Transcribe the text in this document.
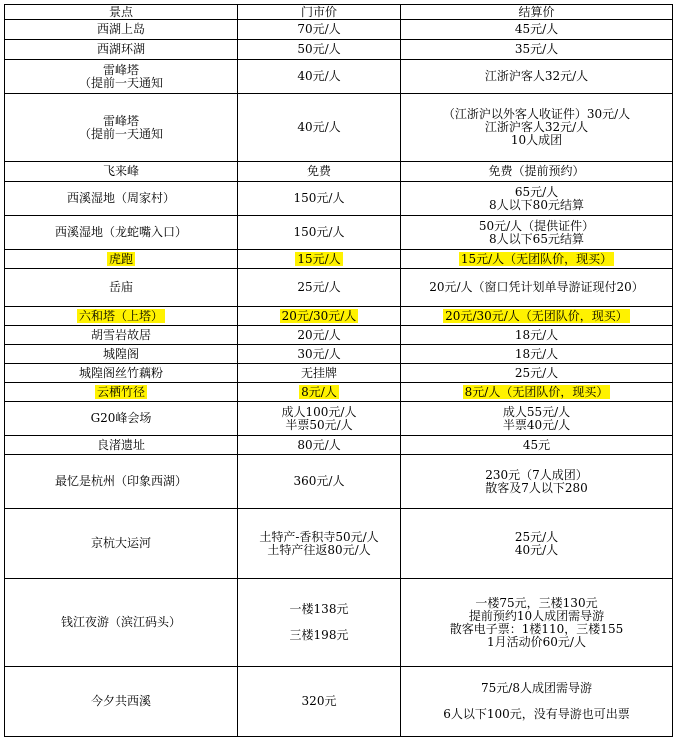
景点	门市价	结算价

西湖上岛	70元/人	45元/人

西湖环湖	50元/人	35元/人

雷峰塔
（提前一天通知	40元/人	江浙沪客人32元/人

雷峰塔
（提前一天通知	40元/人	（江浙沪以外客人收证件）30元/人
江浙沪客人32元/人
10人成团

飞来峰	免费	免费（提前预约）

西溪湿地（周家村）	150元/人	65元/人
8人以下80元结算

西溪湿地（龙蛇嘴入口）	150元/人	50元/人（提供证件）
8人以下65元结算

虎跑	15元/人	15元/人（无团队价，现买）

岳庙	25元/人	20元/人（窗口凭计划单导游证现付20）

六和塔（上塔）	20元/30元/人	20元/30元/人（无团队价，现买）

胡雪岩故居	20元/人	18元/人

城隍阁	30元/人	18元/人

城隍阁丝竹藕粉	无挂牌	25元/人

云栖竹径	8元/人	8元/人（无团队价，现买）

G20峰会场	成人100元/人
半票50元/人	成人55元/人
半票40元/人

良渚遗址	80元/人	45元

最忆是杭州（印象西湖）	360元/人	230元（7人成团）
散客及7人以下280

京杭大运河	土特产-香积寺50元/人
土特产往返80元/人	25元/人
40元/人

钱江夜游（滨江码头）	一楼138元
三楼198元	一楼75元，三楼130元
提前预约10人成团需导游
散客电子票：1楼110，三楼155
1月活动价60元/人

今夕共西溪	320元	75元/8人成团需导游
6人以下100元，没有导游也可出票
